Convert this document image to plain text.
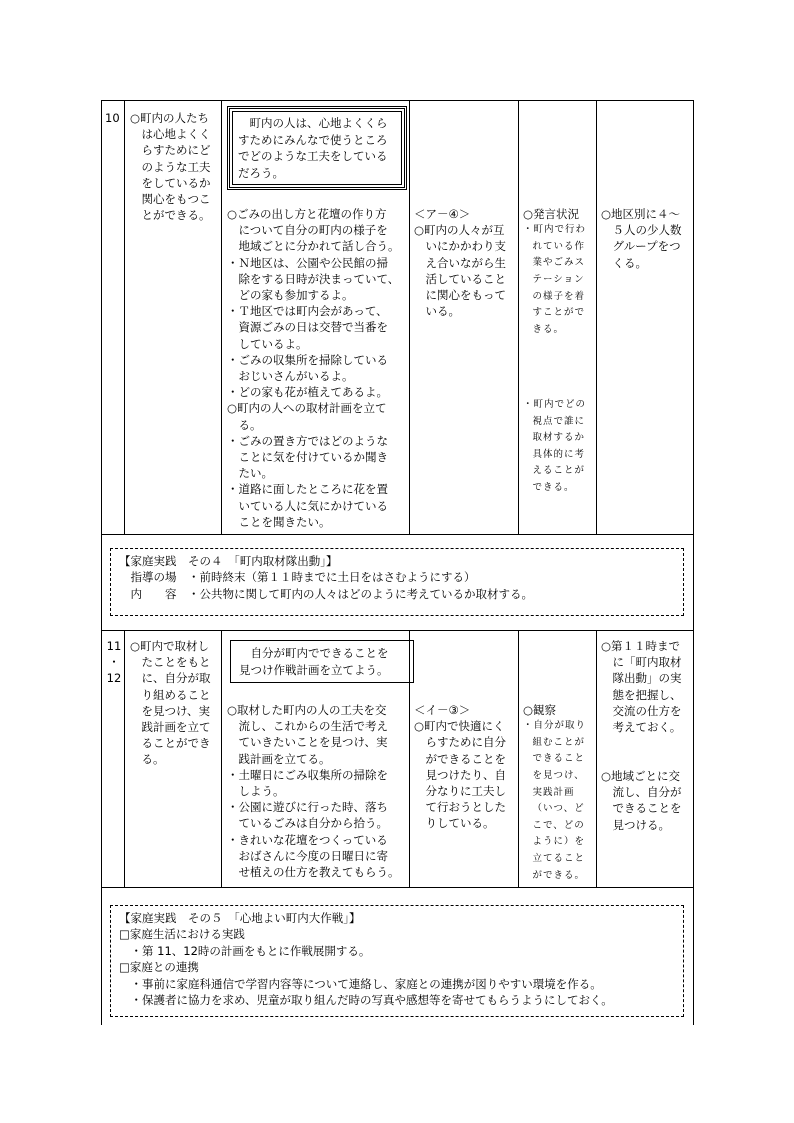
10 ○町内の人たち

は心地よくく

らすためにど

のような工夫

をしているか

関心をもつこ

とができる。

町内の人は、心地よくくら

すためにみんなで使うところ

でどのような工夫をしている

だろう。

○ごみの出し方と花壇の作り方

について自分の町内の様子を

地域ごとに分かれて話し合う。

・Ｎ地区は、公園や公民館の掃

除をする日時が決まっていて、

どの家も参加するよ。

・Ｔ地区では町内会があって、

資源ごみの日は交替で当番を

しているよ。

・ごみの収集所を掃除している

おじいさんがいるよ。

・どの家も花が植えてあるよ。

○町内の人への取材計画を立て

る。

・ごみの置き方ではどのような

ことに気を付けているか聞き

たい。

・道路に面したところに花を置

いている人に気にかけている

ことを聞きたい。

＜ア－④＞

○町内の人々が互

いにかかわり支

え合いながら生

活していること

に関心をもって

いる。

○発言状況

・町内で行わ

れている作

業やごみス

テーション

の様子を着

すことがで

きる。

・町内でどの

視点で誰に

取材するか

具体的に考

えることが

できる。

○地区別に４～

５人の少人数

グループをつ

くる。

【家庭実践　その４　「町内取材隊出動」】

　指導の場　・前時終末（第１１時までに土日をはさむようにする）

　内　　容　・公共物に関して町内の人々はどのように考えているか取材する。

11

・

12

○町内で取材し

たことをもと

に、自分が取

り組めること

を見つけ、実

践計画を立て

ることができ

る。

自分が町内でできることを

見つけ作戦計画を立てよう。

○取材した町内の人の工夫を交

流し、これからの生活で考え

ていきたいことを見つけ、実

践計画を立てる。

・土曜日にごみ収集所の掃除を

しよう。

・公園に遊びに行った時、落ち

ているごみは自分から拾う。

・きれいな花壇をつくっている

おばさんに今度の日曜日に寄

せ植えの仕方を教えてもらう。

＜イ－③＞

○町内で快適にく

らすために自分

ができることを

見つけたり、自

分なりに工夫し

て行おうとした

りしている。

○観察

・自分が取り

組むことが

できること

を見つけ、

実践計画

（いつ、ど

こで、どの

ように）を

立てること

ができる。

○第１１時まで

に「町内取材

隊出動」の実

態を把握し、

交流の仕方を

考えておく。

○地域ごとに交

流し、自分が

できることを

見つける。

【家庭実践　その５　「心地よい町内大作戦」】

□家庭生活における実践

　・第 11、12時の計画をもとに作戦展開する。

□家庭との連携

　・事前に家庭科通信で学習内容等について連絡し、家庭との連携が図りやすい環境を作る。

　・保護者に協力を求め、児童が取り組んだ時の写真や感想等を寄せてもらうようにしておく。
